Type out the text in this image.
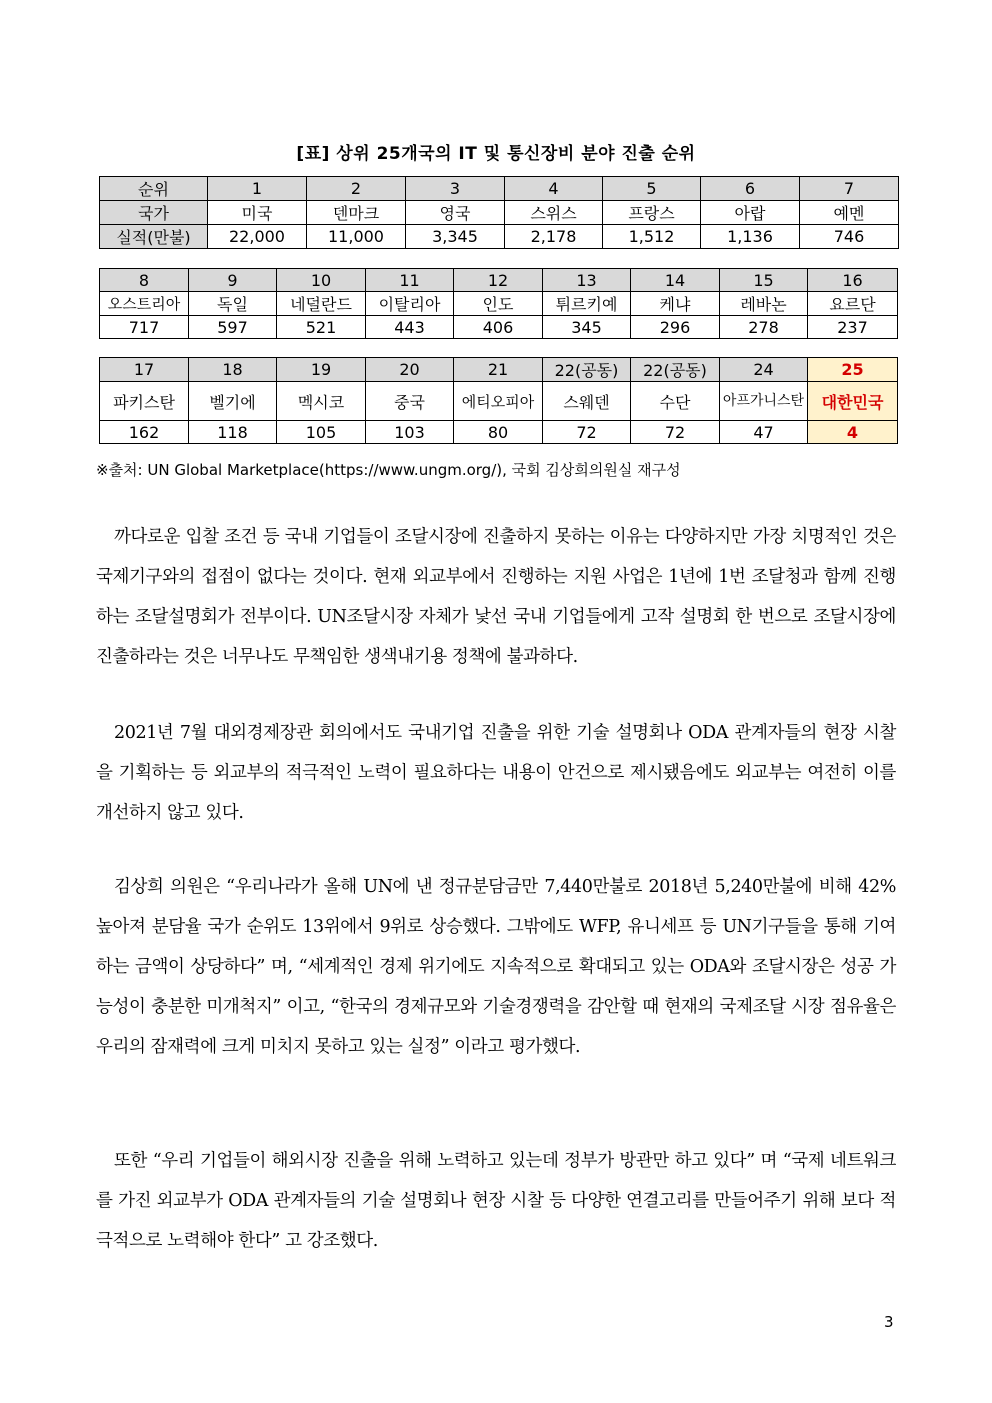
[표] 상위 25개국의 IT 및 통신장비 분야 진출 순위
순위	1	2	3	4	5	6	7
국가	미국	덴마크	영국	스위스	프랑스	아랍	예멘
실적(만불)	22,000	11,000	3,345	2,178	1,512	1,136	746
8	9	10	11	12	13	14	15	16
오스트리아	독일	네덜란드	이탈리아	인도	튀르키예	케냐	레바논	요르단
717	597	521	443	406	345	296	278	237
17	18	19	20	21	22(공동)	22(공동)	24	25
파키스탄	벨기에	멕시코	중국	에티오피아	스웨덴	수단	아프가니스탄	대한민국
162	118	105	103	80	72	72	47	4
※출처: UN Global Marketplace(https://www.ungm.org/), 국회 김상희의원실 재구성
까다로운 입찰 조건 등 국내 기업들이 조달시장에 진출하지 못하는 이유는 다양하지만 가장 치명적인 것은 국제기구와의 접점이 없다는 것이다. 현재 외교부에서 진행하는 지원 사업은 1년에 1번 조달청과 함께 진행하는 조달설명회가 전부이다. UN조달시장 자체가 낯선 국내 기업들에게 고작 설명회 한 번으로 조달시장에 진출하라는 것은 너무나도 무책임한 생색내기용 정책에 불과하다.
2021년 7월 대외경제장관 회의에서도 국내기업 진출을 위한 기술 설명회나 ODA 관계자들의 현장 시찰을 기획하는 등 외교부의 적극적인 노력이 필요하다는 내용이 안건으로 제시됐음에도 외교부는 여전히 이를 개선하지 않고 있다.
김상희 의원은 “우리나라가 올해 UN에 낸 정규분담금만 7,440만불로 2018년 5,240만불에 비해 42% 높아져 분담율 국가 순위도 13위에서 9위로 상승했다. 그밖에도 WFP, 유니세프 등 UN기구들을 통해 기여하는 금액이 상당하다” 며, “세계적인 경제 위기에도 지속적으로 확대되고 있는 ODA와 조달시장은 성공 가능성이 충분한 미개척지” 이고, “한국의 경제규모와 기술경쟁력을 감안할 때 현재의 국제조달 시장 점유율은 우리의 잠재력에 크게 미치지 못하고 있는 실정” 이라고 평가했다.
또한 “우리 기업들이 해외시장 진출을 위해 노력하고 있는데 정부가 방관만 하고 있다” 며 “국제 네트워크를 가진 외교부가 ODA 관계자들의 기술 설명회나 현장 시찰 등 다양한 연결고리를 만들어주기 위해 보다 적극적으로 노력해야 한다” 고 강조했다.
3
